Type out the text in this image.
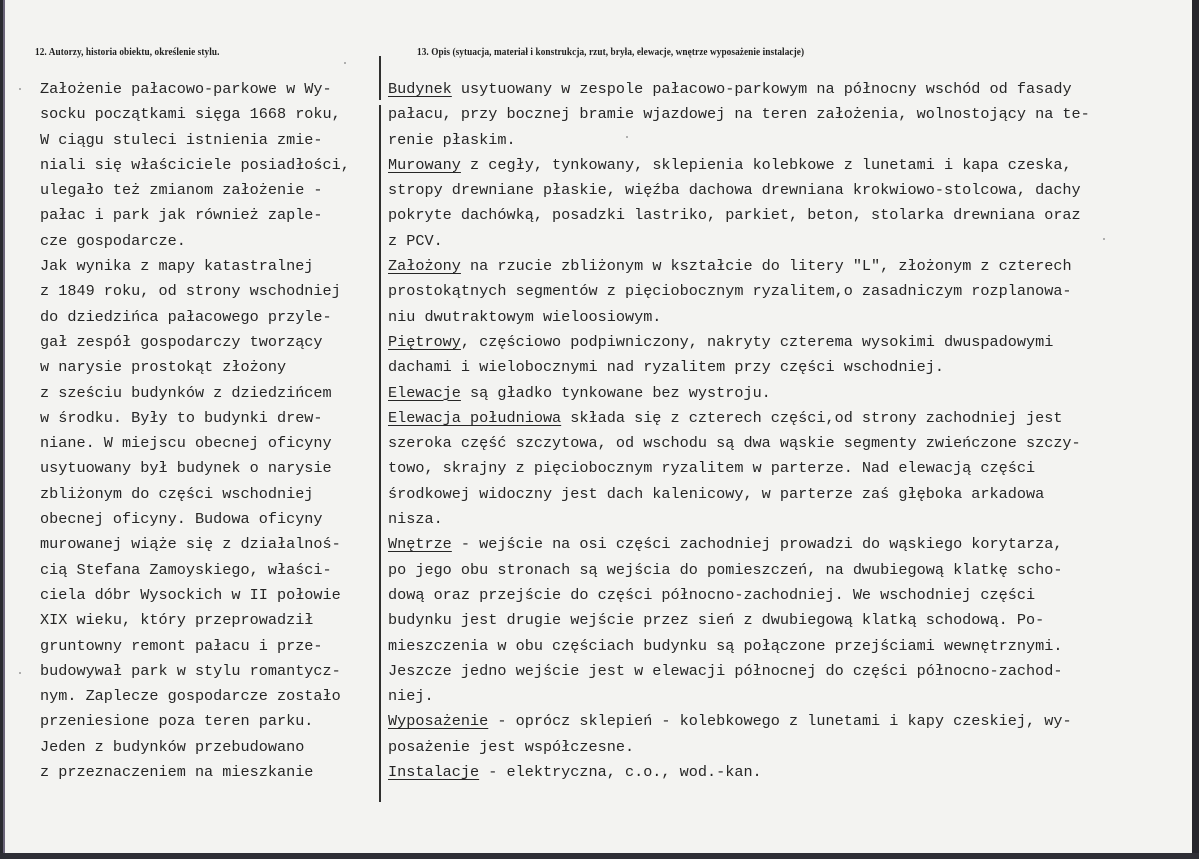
12. Autorzy, historia obiektu, określenie stylu.	13. Opis (sytuacja, materiał i konstrukcja, rzut, bryła, elewacje, wnętrze wyposażenie instalacje)
Założenie pałacowo-parkowe w Wy-
socku początkami sięga 1668 roku,
W ciągu stuleci istnienia zmie-
niali się właściciele posiadłości,
ulegało też zmianom założenie -
pałac i park jak również zaple-
cze gospodarcze.
Jak wynika z mapy katastralnej
z 1849 roku, od strony wschodniej
do dziedzińca pałacowego przyle-
gał zespół gospodarczy tworzący
w narysie prostokąt złożony
z sześciu budynków z dziedzińcem
w środku. Były to budynki drew-
niane. W miejscu obecnej oficyny
usytuowany był budynek o narysie
zbliżonym do części wschodniej
obecnej oficyny. Budowa oficyny
murowanej wiąże się z działalnoś-
cią Stefana Zamoyskiego, właści-
ciela dóbr Wysockich w II połowie
XIX wieku, który przeprowadził
gruntowny remont pałacu i prze-
budowywał park w stylu romantycz-
nym. Zaplecze gospodarcze zostało
przeniesione poza teren parku.
Jeden z budynków przebudowano
z przeznaczeniem na mieszkanie
Budynek usytuowany w zespole pałacowo-parkowym na północny wschód od fasady
pałacu, przy bocznej bramie wjazdowej na teren założenia, wolnostojący na te-
renie płaskim.
Murowany z cegły, tynkowany, sklepienia kolebkowe z lunetami i kapa czeska,
stropy drewniane płaskie, więźba dachowa drewniana krokwiowo-stolcowa, dachy
pokryte dachówką, posadzki lastriko, parkiet, beton, stolarka drewniana oraz
z PCV.
Założony na rzucie zbliżonym w kształcie do litery "L", złożonym z czterech
prostokątnych segmentów z pięciobocznym ryzalitem,o zasadniczym rozplanowa-
niu dwutraktowym wieloosiowym.
Piętrowy, częściowo podpiwniczony, nakryty czterema wysokimi dwuspadowymi
dachami i wielobocznymi nad ryzalitem przy części wschodniej.
Elewacje są gładko tynkowane bez wystroju.
Elewacja południowa składa się z czterech części,od strony zachodniej jest
szeroka część szczytowa, od wschodu są dwa wąskie segmenty zwieńczone szczy-
towo, skrajny z pięciobocznym ryzalitem w parterze. Nad elewacją części
środkowej widoczny jest dach kalenicowy, w parterze zaś głęboka arkadowa
nisza.
Wnętrze - wejście na osi części zachodniej prowadzi do wąskiego korytarza,
po jego obu stronach są wejścia do pomieszczeń, na dwubiegową klatkę scho-
dową oraz przejście do części północno-zachodniej. We wschodniej części
budynku jest drugie wejście przez sień z dwubiegową klatką schodową. Po-
mieszczenia w obu częściach budynku są połączone przejściami wewnętrznymi.
Jeszcze jedno wejście jest w elewacji północnej do części północno-zachod-
niej.
Wyposażenie - oprócz sklepień - kolebkowego z lunetami i kapy czeskiej, wy-
posażenie jest współczesne.
Instalacje - elektryczna, c.o., wod.-kan.
